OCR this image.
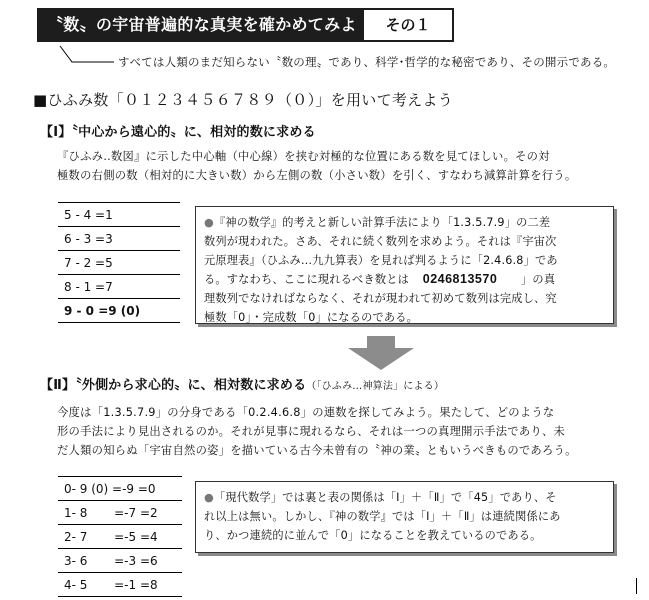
〝数〟の宇宙普遍的な真実を確かめてみよう
その１
すべては人類のまだ知らない〝数の理〟であり、科学･哲学的な秘密であり、その開示である。
■ひふみ数「０１２３４５６７８９（０）」を用いて考えよう
【Ⅰ】〝中心から遠心的〟に、相対的数に求める
『ひふみ‥数図』に示した中心軸（中心線）を挟む対極的な位置にある数を見てほしい。その対
極数の右側の数（相対的に大きい数）から左側の数（小さい数）を引く、すなわち減算計算を行う。
5 - 4 =1
6 - 3 =3
7 - 2 =5
8 - 1 =7
9 - 0 =9 (0)
●『神の数学』的考えと新しい計算手法により「1.3.5.7.9」の二差
数列が現われた。さあ、それに続く数列を求めよう。それは『宇宙次
元原理表』（ひふみ…九九算表）を見れば判るように「2.4.6.8」であ
る。すなわち、ここに現れるべき数とは 0246813570 」の真
理数列でなければならなく、それが現われて初めて数列は完成し、究
極数「0」・完成数「0」になるのである。
【Ⅱ】〝外側から求心的〟に、相対数に求める（「ひふみ…神算法」による）
今度は「1.3.5.7.9」の分身である「0.2.4.6.8」の連数を探してみよう。果たして、どのような
形の手法により見出されるのか。それが見事に現れるなら、それは一つの真理開示手法であり、未
だ人類の知らぬ「宇宙自然の姿」を描いている古今未曾有の〝神の業〟ともいうべきものであろう。
0- 9 (0) =-9 =0
1- 8       =-7 =2
2- 7       =-5 =4
3- 6       =-3 =6
4- 5       =-1 =8
●「現代数学」では裏と表の関係は「Ⅰ」＋「Ⅱ」で「45」であり、そ
れ以上は無い。しかし、『神の数学』では「Ⅰ」＋「Ⅱ」は連続関係にあ
り、かつ連続的に並んで「0」になることを教えているのである。
